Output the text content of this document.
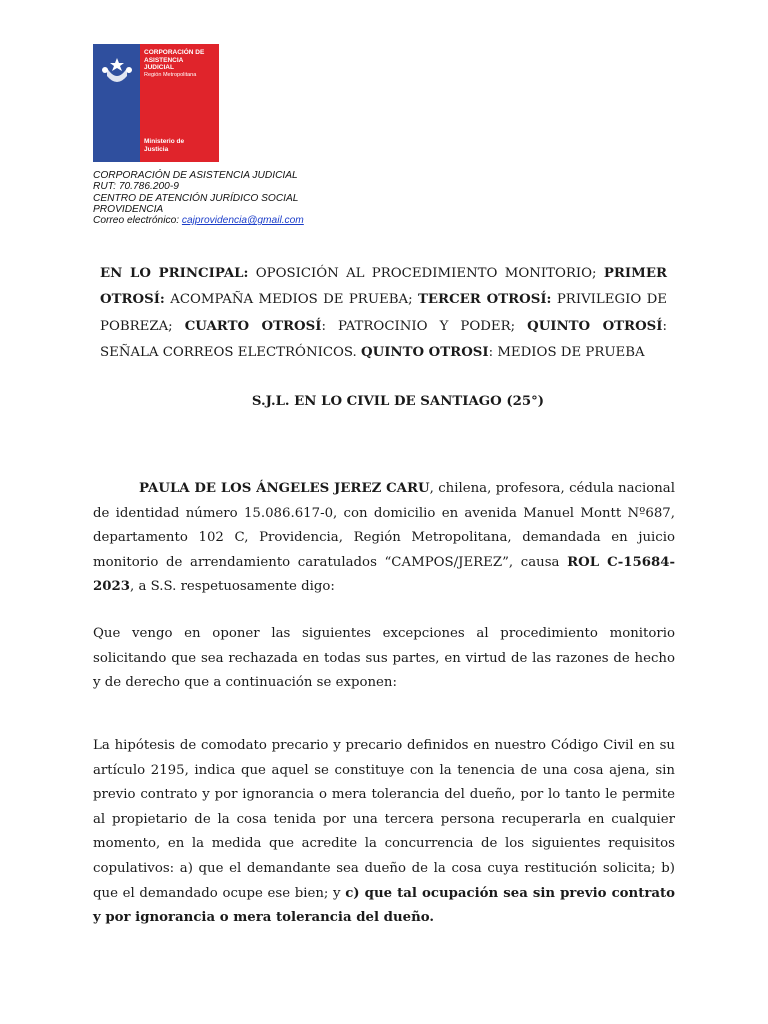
CORPORACIÓN DE
ASISTENCIA
JUDICIAL
Región Metropolitana
Ministerio de
Justicia
CORPORACIÓN DE ASISTENCIA JUDICIAL
RUT: 70.786.200-9
CENTRO DE ATENCIÓN JURÍDICO SOCIAL
PROVIDENCIA
Correo electrónico: cajprovidencia@gmail.com
EN LO PRINCIPAL: OPOSICIÓN AL PROCEDIMIENTO MONITORIO; PRIMER OTROSÍ: ACOMPAÑA MEDIOS DE PRUEBA; TERCER OTROSÍ: PRIVILEGIO DE POBREZA; CUARTO OTROSÍ: PATROCINIO Y PODER; QUINTO OTROSÍ: SEÑALA CORREOS ELECTRÓNICOS. QUINTO OTROSI: MEDIOS DE PRUEBA
S.J.L. EN LO CIVIL DE SANTIAGO (25°)
PAULA DE LOS ÁNGELES JEREZ CARU, chilena, profesora, cédula nacional de identidad número 15.086.617-0, con domicilio en avenida Manuel Montt Nº687, departamento 102 C, Providencia, Región Metropolitana, demandada en juicio monitorio de arrendamiento caratulados “CAMPOS/JEREZ”, causa ROL C-15684-2023, a S.S. respetuosamente digo:
Que vengo en oponer las siguientes excepciones al procedimiento monitorio solicitando que sea rechazada en todas sus partes, en virtud de las razones de hecho y de derecho que a continuación se exponen:
La hipótesis de comodato precario y precario definidos en nuestro Código Civil en su artículo 2195, indica que aquel se constituye con la tenencia de una cosa ajena, sin previo contrato y por ignorancia o mera tolerancia del dueño, por lo tanto le permite al propietario de la cosa tenida por una tercera persona recuperarla en cualquier momento, en la medida que acredite la concurrencia de los siguientes requisitos copulativos: a) que el demandante sea dueño de la cosa cuya restitución solicita; b) que el demandado ocupe ese bien; y c) que tal ocupación sea sin previo contrato y por ignorancia o mera tolerancia del dueño.
